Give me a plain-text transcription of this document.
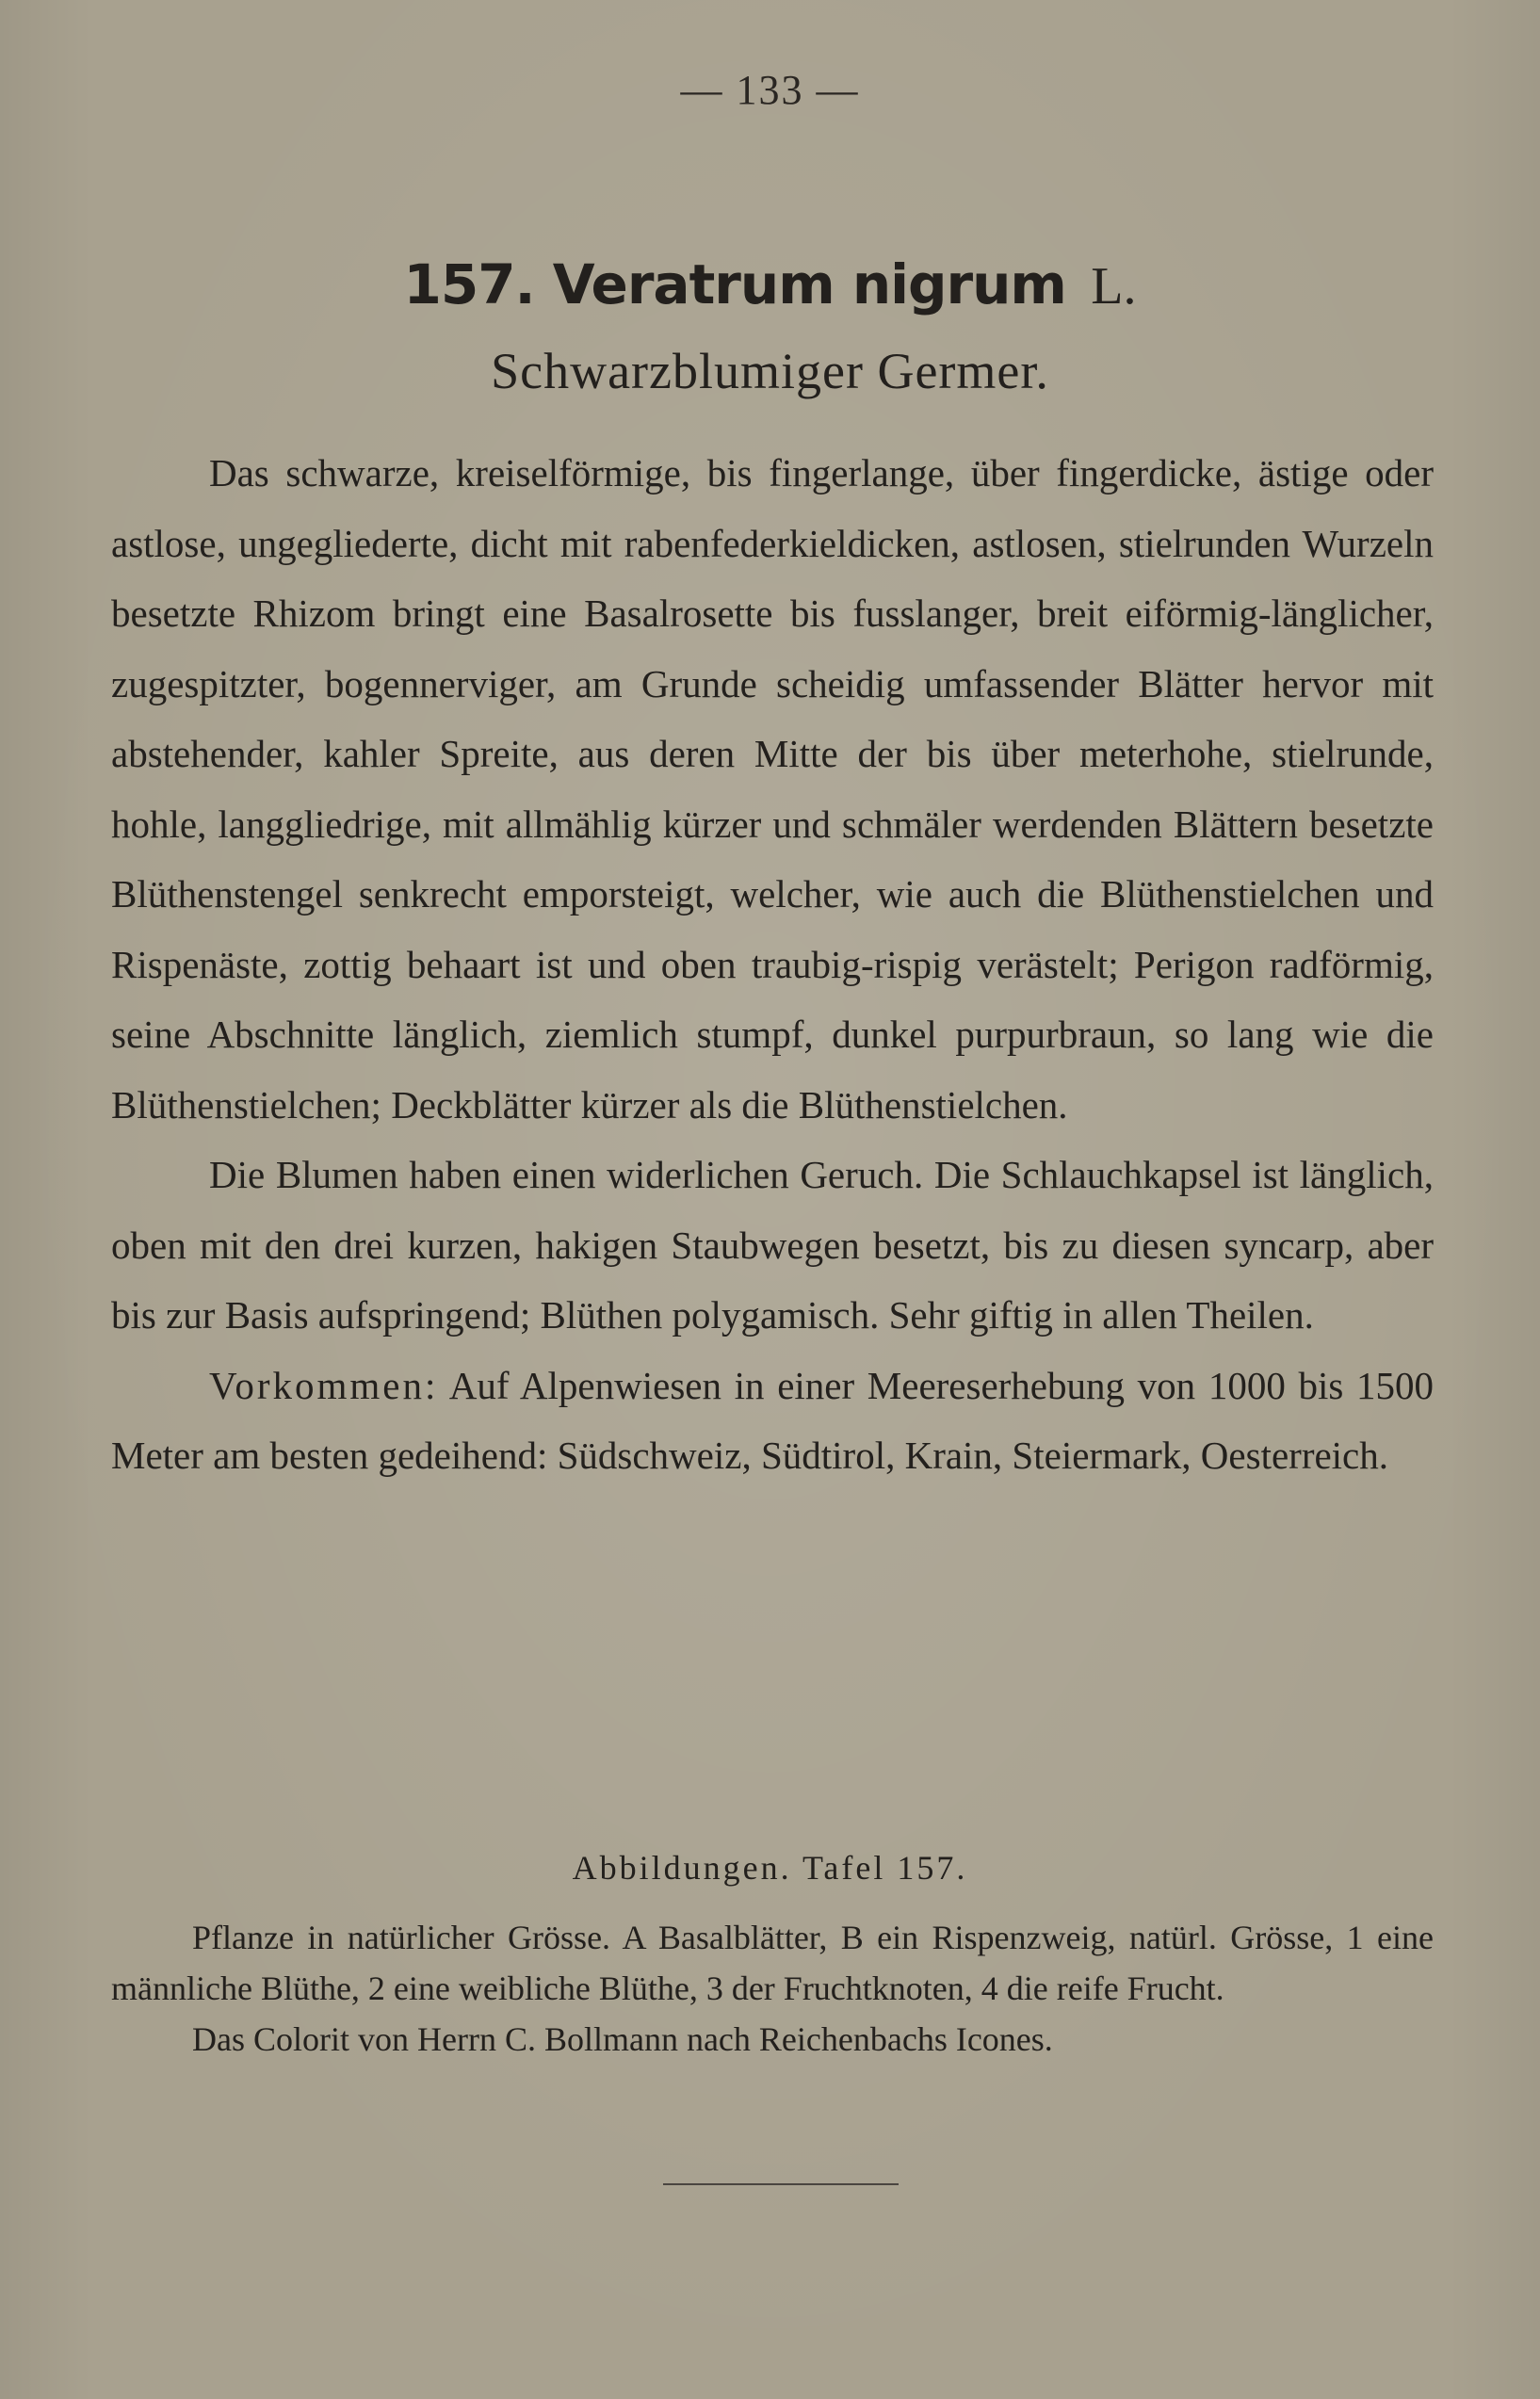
— 133 —
157. Veratrum nigrum L.
Schwarzblumiger Germer.

Das schwarze, kreiselförmige, bis fingerlange, über fingerdicke, ästige oder astlose, ungegliederte, dicht mit rabenfederkieldicken, astlosen, stielrunden Wurzeln besetzte Rhizom bringt eine Basalrosette bis fusslanger, breit eiförmig-länglicher, zugespitzter, bogennerviger, am Grunde scheidig umfassender Blätter hervor mit abstehender, kahler Spreite, aus deren Mitte der bis über meterhohe, stielrunde, hohle, langgliedrige, mit allmählig kürzer und schmäler werdenden Blättern besetzte Blüthenstengel senkrecht emporsteigt, welcher, wie auch die Blüthenstielchen und Rispenäste, zottig behaart ist und oben traubig-rispig verästelt; Perigon radförmig, seine Abschnitte länglich, ziemlich stumpf, dunkel purpurbraun, so lang wie die Blüthenstielchen; Deckblätter kürzer als die Blüthenstielchen.

Die Blumen haben einen widerlichen Geruch. Die Schlauchkapsel ist länglich, oben mit den drei kurzen, hakigen Staubwegen besetzt, bis zu diesen syncarp, aber bis zur Basis aufspringend; Blüthen polygamisch. Sehr giftig in allen Theilen.

Vorkommen: Auf Alpenwiesen in einer Meereserhebung von 1000 bis 1500 Meter am besten gedeihend: Südschweiz, Südtirol, Krain, Steiermark, Oesterreich.

Abbildungen. Tafel 157.

Pflanze in natürlicher Grösse. A Basalblätter, B ein Rispenzweig, natürl. Grösse, 1 eine männliche Blüthe, 2 eine weibliche Blüthe, 3 der Fruchtknoten, 4 die reife Frucht.

Das Colorit von Herrn C. Bollmann nach Reichenbachs Icones.
